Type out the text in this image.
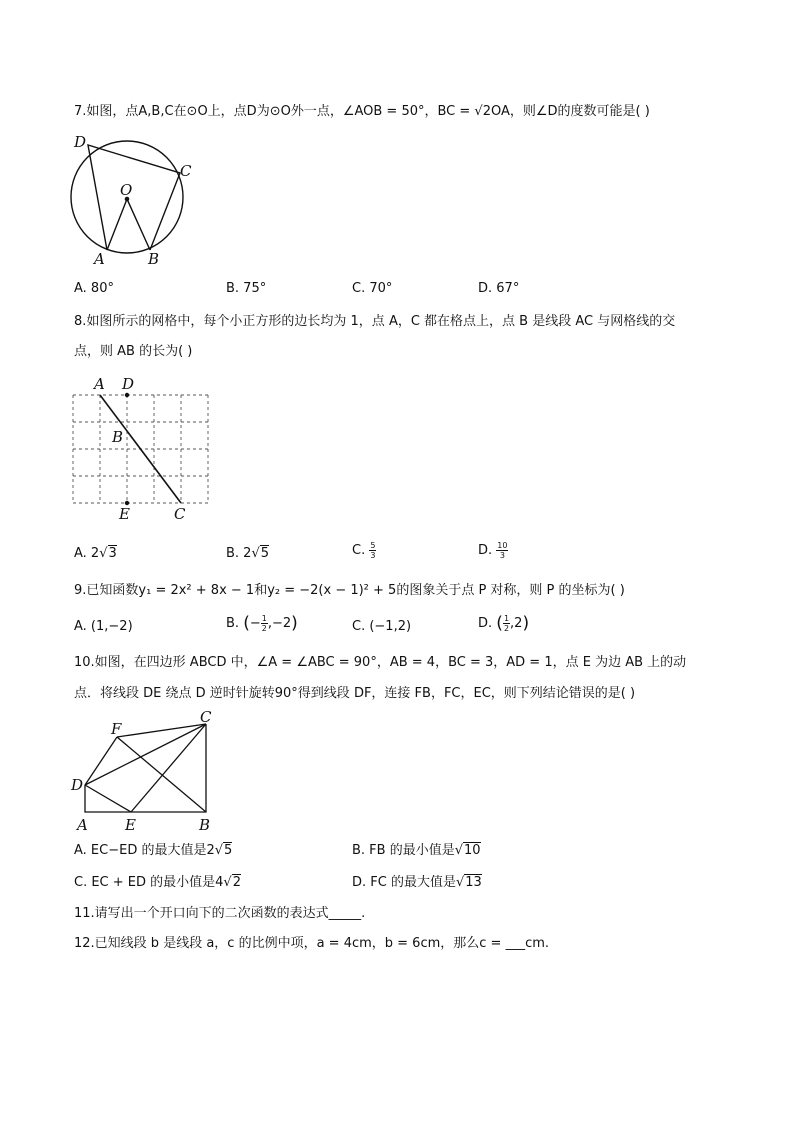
7.如图，点A,B,C在⊙O上，点D为⊙O外一点，∠AOB = 50°，BC = √2OA，则∠D的度数可能是( )
D
C
O
A	B
A. 80°	B. 75°	C. 70°	D. 67°
8.如图所示的网格中，每个小正方形的边长均为 1，点 A，C 都在格点上，点 B 是线段 AC 与网格线的交
点，则 AB 的长为( )
A D
B
E	C
A. 2√3	B. 2√5	C. $\frac{5}{3}$	D. $\frac{10}{3}$
9.已知函数y₁ = 2x² + 8x − 1和y₂ = −2(x − 1)² + 5的图象关于点 P 对称，则 P 的坐标为( )
A. (1,−2)	B. (− $\frac{1}{2} ,-2$)	C. (−1,2)	D. ( $\frac{1}{2} ,2$)
10.如图，在四边形 ABCD 中，∠A = ∠ABC = 90°，AB = 4，BC = 3，AD = 1，点 E 为边 AB 上的动
点．将线段 DE 绕点 D 逆时针旋转90°得到线段 DF，连接 FB，FC，EC，则下列结论错误的是( )
F
C
D
A E	B
A. EC−ED 的最大值是2√5	B. FB 的最小值是√10
C. EC + ED 的最小值是4√2	D. FC 的最大值是√13
11.请写出一个开口向下的二次函数的表达式_____.
12.已知线段 b 是线段 a，c 的比例中项，a = 4cm，b = 6cm，那么c = ___cm.
